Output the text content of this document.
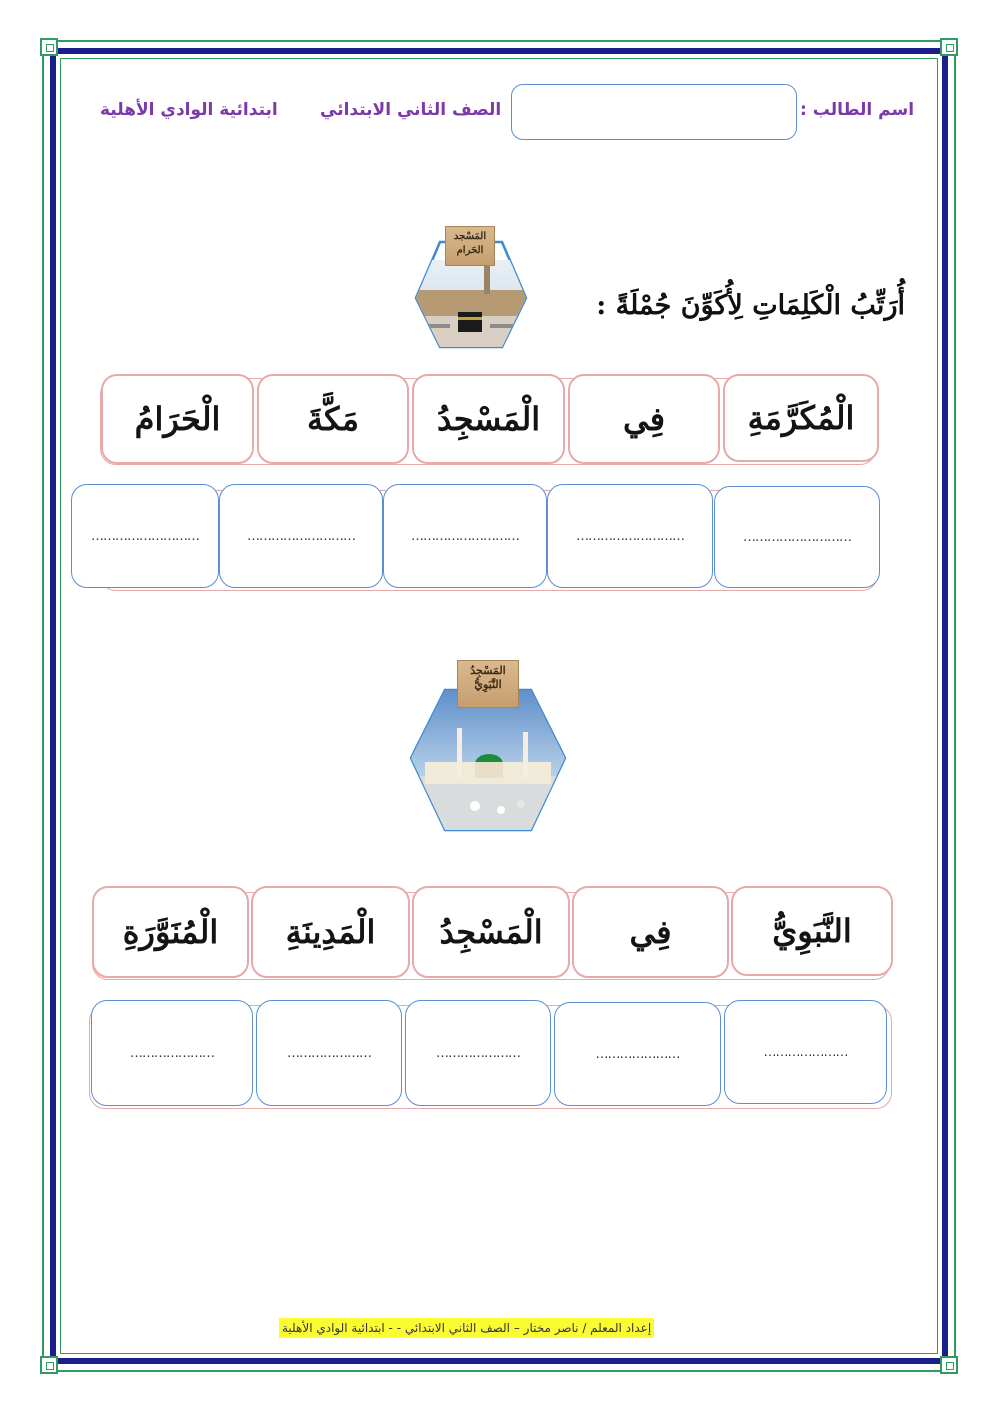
اسم الطالب :
الصف الثاني الابتدائي
ابتدائية الوادي الأهلية
المَسْجد الحَرام
أُرَتِّبُ الْكَلِمَاتِ لِأُكَوِّنَ جُمْلَةً :
الْمُكَرَّمَةِ
فِي
الْمَسْجِدُ
مَكَّةَ
الْحَرَامُ
………………………
………………………
………………………
………………………
………………………
المَسْجِدُ النَّبَوِيُّ
النَّبَوِيُّ
فِي
الْمَسْجِدُ
الْمَدِينَةِ
الْمُنَوَّرَةِ
…………………
…………………
…………………
…………………
…………………
إعداد المعلم / ناصر مختار – الصف الثاني الابتدائي - - ابتدائية الوادي الأهلية
